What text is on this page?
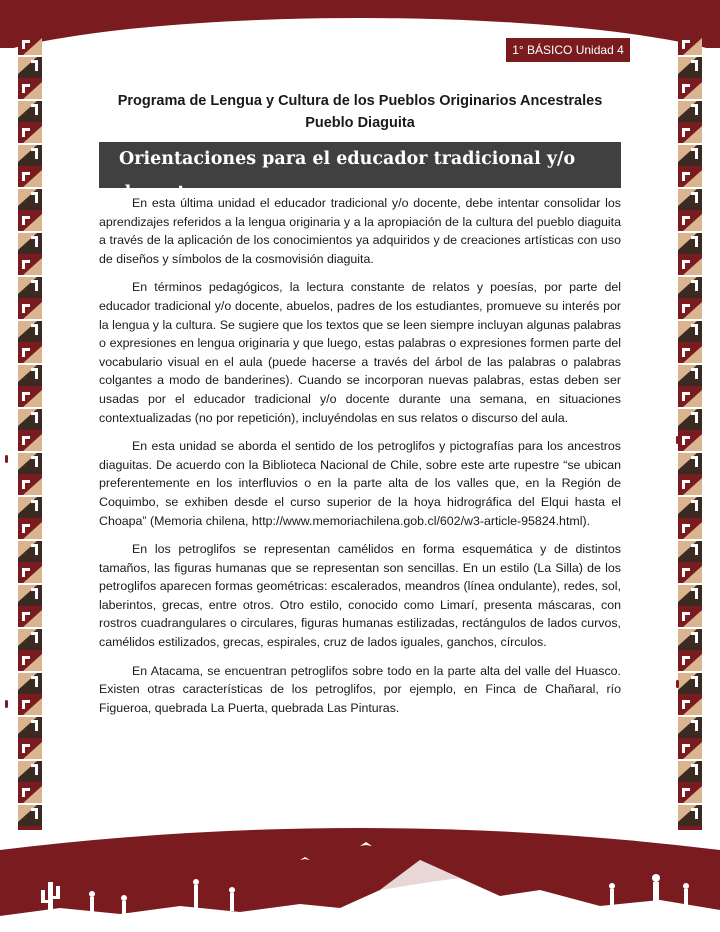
1° BÁSICO Unidad 4
Programa de Lengua y Cultura de los Pueblos Originarios Ancestrales
Pueblo Diaguita
Orientaciones para el educador tradicional y/o docente

En esta última unidad el educador tradicional y/o docente, debe intentar consolidar los aprendizajes referidos a la lengua originaria y a la apropiación de la cultura del pueblo diaguita a través de la aplicación de los conocimientos ya adquiridos y de creaciones artísticas con uso de diseños y símbolos de la cosmovisión diaguita.

En términos pedagógicos, la lectura constante de relatos y poesías, por parte del educador tradicional y/o docente, abuelos, padres de los estudiantes, promueve su interés por la lengua y la cultura. Se sugiere que los textos que se leen siempre incluyan algunas palabras o expresiones en lengua originaria y que luego, estas palabras o expresiones formen parte del vocabulario visual en el aula (puede hacerse a través del árbol de las palabras o palabras colgantes a modo de banderines). Cuando se incorporan nuevas palabras, estas deben ser usadas por el educador tradicional y/o docente durante una semana, en situaciones contextualizadas (no por repetición), incluyéndolas en sus relatos o discurso del aula.

En esta unidad se aborda el sentido de los petroglifos y pictografías para los ancestros diaguitas. De acuerdo con la Biblioteca Nacional de Chile, sobre este arte rupestre “se ubican preferentemente en los interfluvios o en la parte alta de los valles que, en la Región de Coquimbo, se exhiben desde el curso superior de la hoya hidrográfica del Elqui hasta el Choapa” (Memoria chilena, http://www.memoriachilena.gob.cl/602/w3-article-95824.html).

En los petroglifos se representan camélidos en forma esquemática y de distintos tamaños, las figuras humanas que se representan son sencillas. En un estilo (La Silla) de los petroglifos aparecen formas geométricas: escalerados, meandros (línea ondulante), redes, sol, laberintos, grecas, entre otros. Otro estilo, conocido como Limarí, presenta máscaras, con rostros cuadrangulares o circulares, figuras humanas estilizadas, rectángulos de lados curvos, camélidos estilizados, grecas, espirales, cruz de lados iguales, ganchos, círculos.

En Atacama, se encuentran petroglifos sobre todo en la parte alta del valle del Huasco. Existen otras características de los petroglifos, por ejemplo, en Finca de Chañaral, río Figueroa, quebrada La Puerta, quebrada Las Pinturas.
